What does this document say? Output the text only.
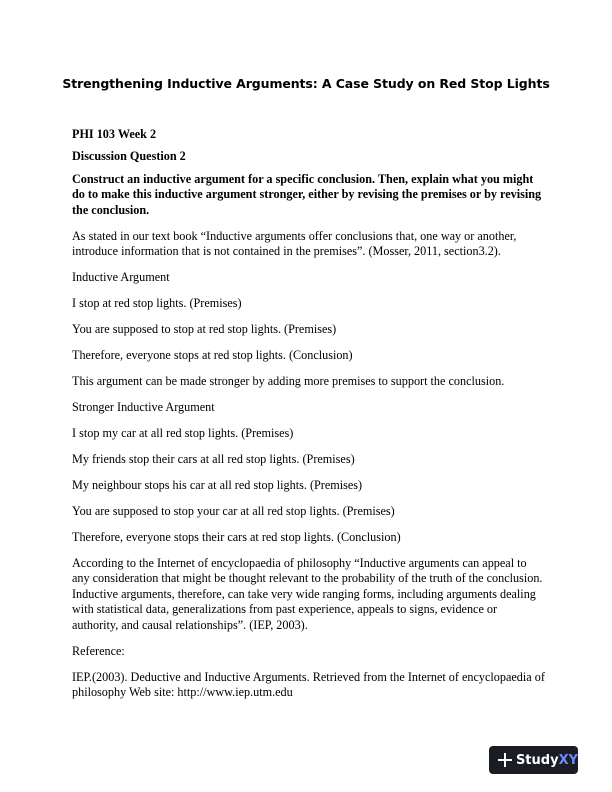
Strengthening Inductive Arguments: A Case Study on Red Stop Lights

PHI 103 Week 2

Discussion Question 2

Construct an inductive argument for a specific conclusion. Then, explain what you might do to make this inductive argument stronger, either by revising the premises or by revising the conclusion.

As stated in our text book “Inductive arguments offer conclusions that, one way or another, introduce information that is not contained in the premises”. (Mosser, 2011, section3.2).

Inductive Argument

I stop at red stop lights. (Premises)

You are supposed to stop at red stop lights. (Premises)

Therefore, everyone stops at red stop lights. (Conclusion)

This argument can be made stronger by adding more premises to support the conclusion.

Stronger Inductive Argument

I stop my car at all red stop lights. (Premises)

My friends stop their cars at all red stop lights. (Premises)

My neighbour stops his car at all red stop lights. (Premises)

You are supposed to stop your car at all red stop lights. (Premises)

Therefore, everyone stops their cars at red stop lights. (Conclusion)

According to the Internet of encyclopaedia of philosophy “Inductive arguments can appeal to any consideration that might be thought relevant to the probability of the truth of the conclusion. Inductive arguments, therefore, can take very wide ranging forms, including arguments dealing with statistical data, generalizations from past experience, appeals to signs, evidence or authority, and causal relationships”. (IEP, 2003).

Reference:

IEP.(2003). Deductive and Inductive Arguments. Retrieved from the Internet of encyclopaedia of philosophy Web site: http://www.iep.utm.edu

Study XY
